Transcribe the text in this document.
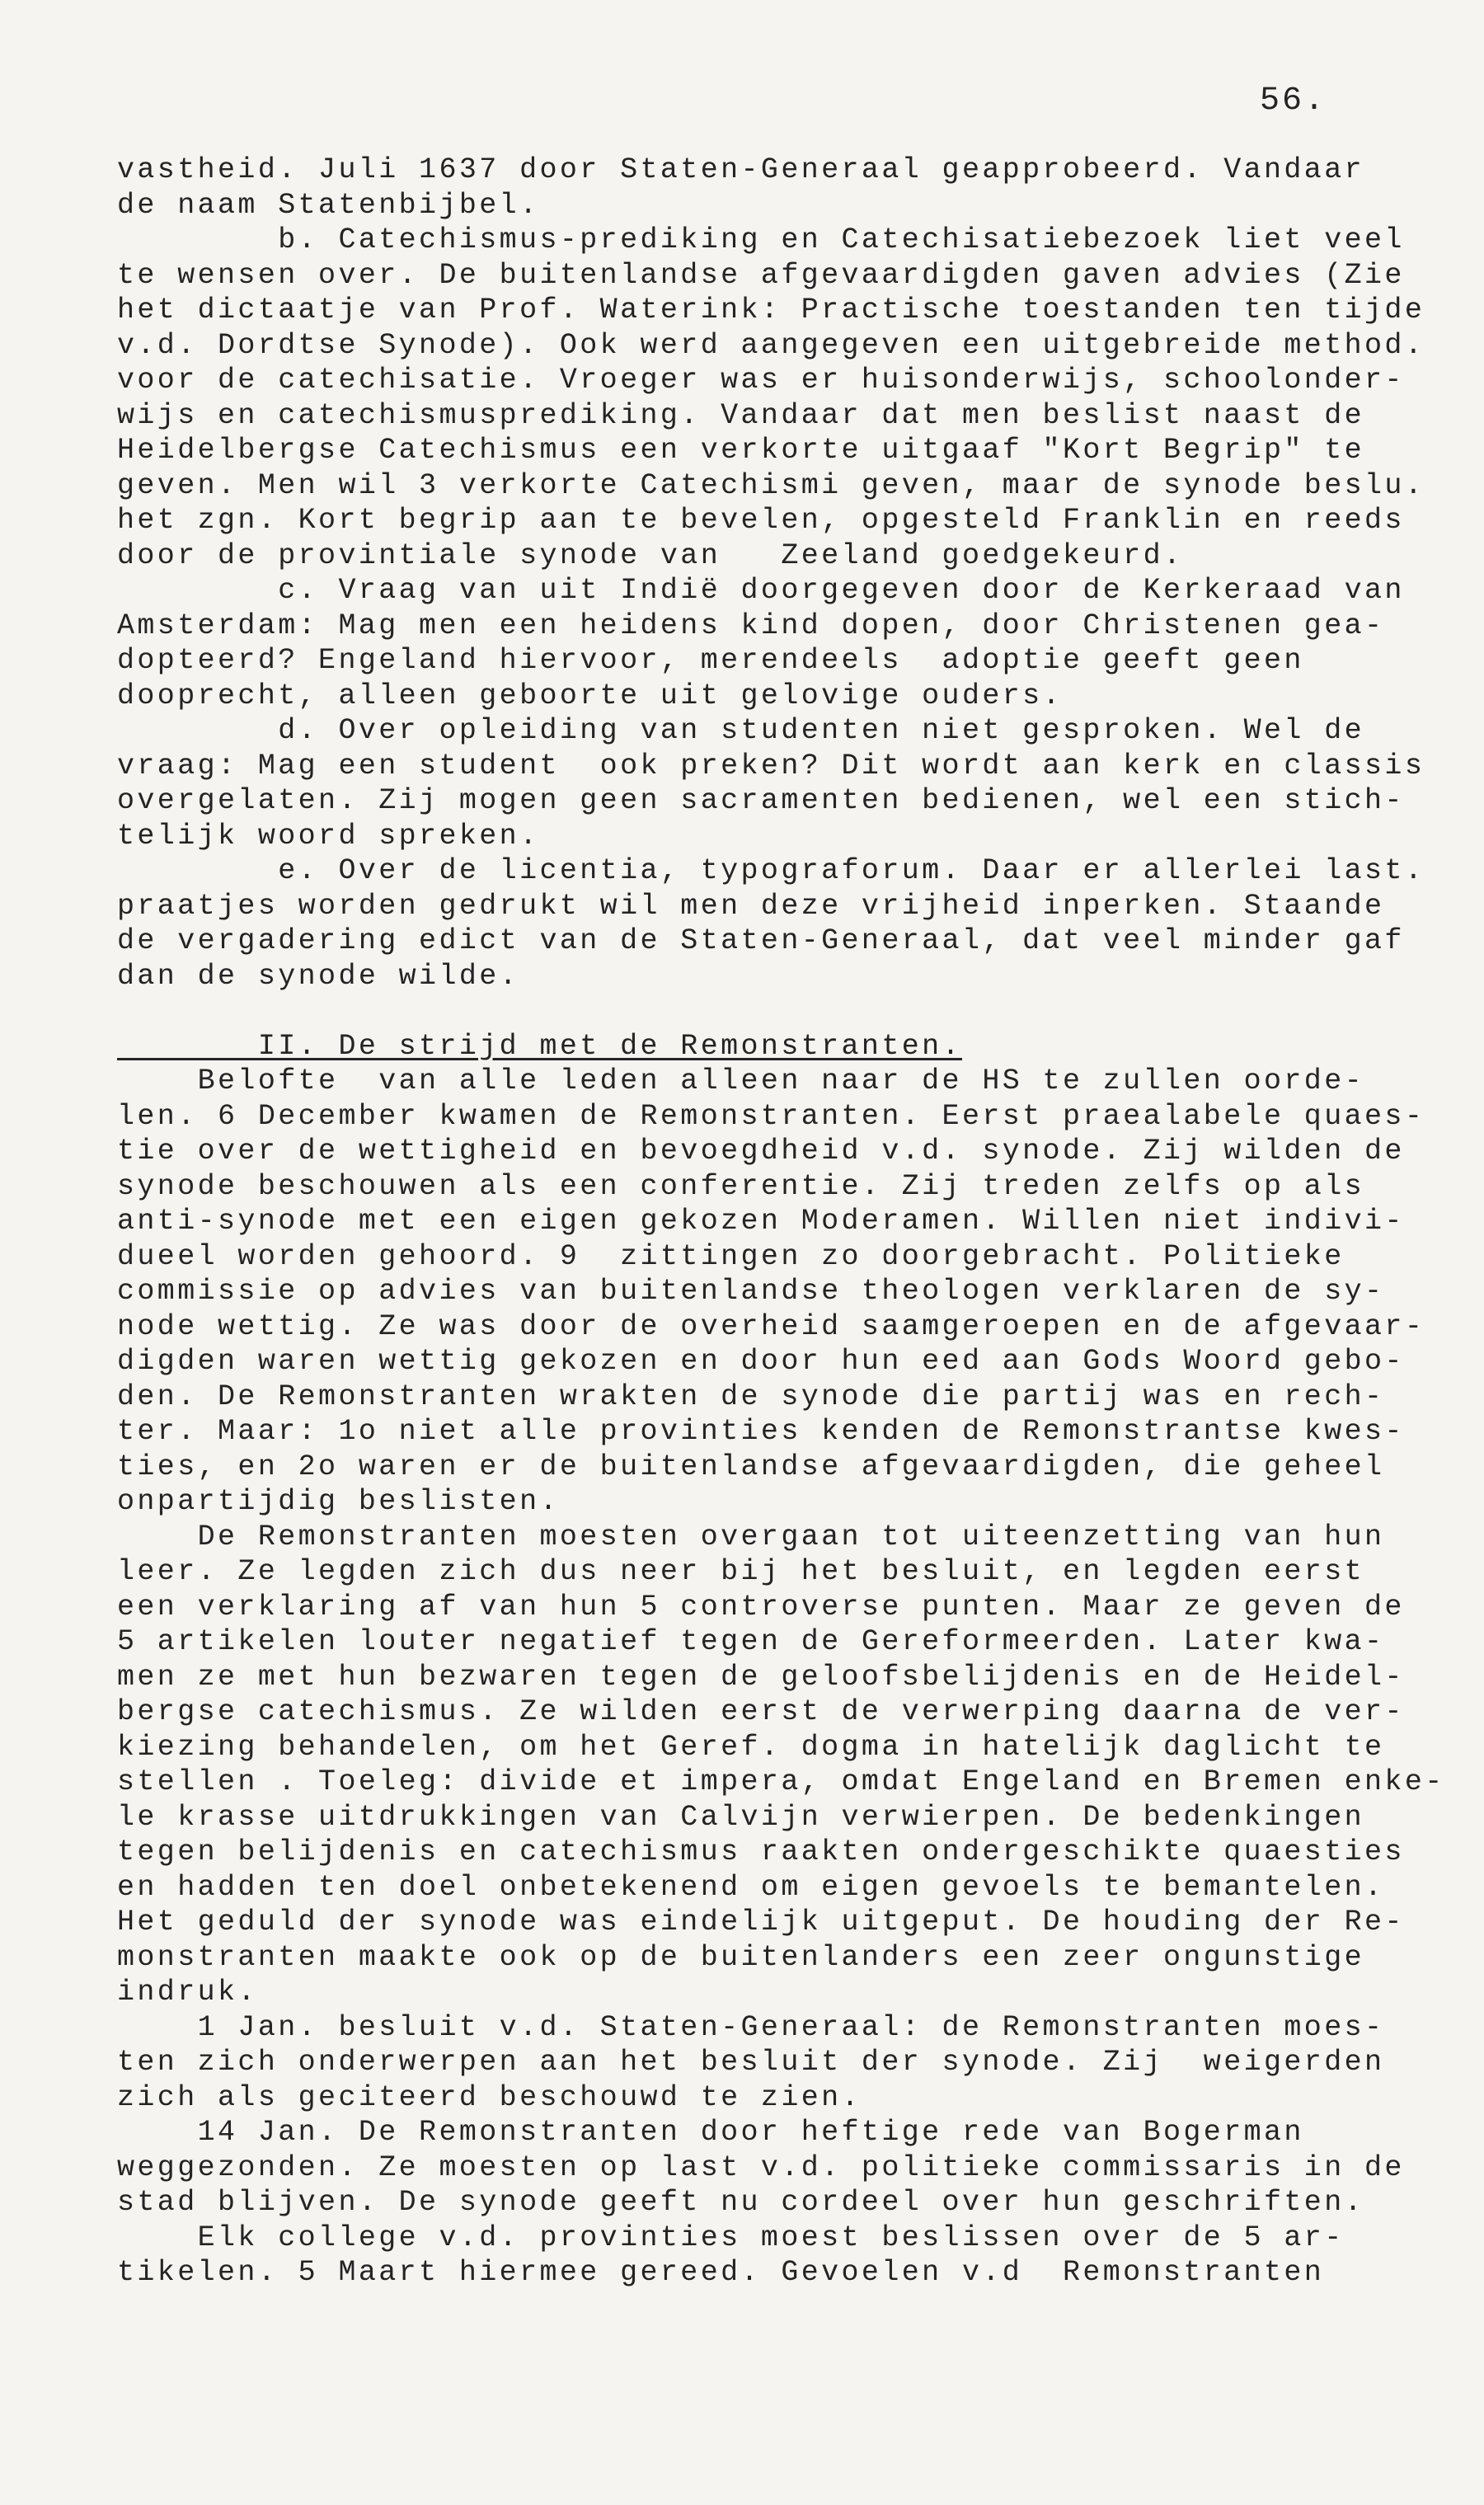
56.
vastheid. Juli 1637 door Staten-Generaal geapprobeerd. Vandaar
de naam Statenbijbel.
b. Catechismus-prediking en Catechisatiebezoek liet veel
te wensen over. De buitenlandse afgevaardigden gaven advies (Zie
het dictaatje van Prof. Waterink: Practische toestanden ten tijde
v.d. Dordtse Synode). Ook werd aangegeven een uitgebreide method.
voor de catechisatie. Vroeger was er huisonderwijs, schoolonder-
wijs en catechismusprediking. Vandaar dat men beslist naast de
Heidelbergse Catechismus een verkorte uitgaaf "Kort Begrip" te
geven. Men wil 3 verkorte Catechismi geven, maar de synode beslu.
het zgn. Kort begrip aan te bevelen, opgesteld Franklin en reeds
door de provintiale synode van   Zeeland goedgekeurd.
c. Vraag van uit Indië doorgegeven door de Kerkeraad van
Amsterdam: Mag men een heidens kind dopen, door Christenen gea-
dopteerd? Engeland hiervoor, merendeels  adoptie geeft geen
dooprecht, alleen geboorte uit gelovige ouders.
d. Over opleiding van studenten niet gesproken. Wel de
vraag: Mag een student  ook preken? Dit wordt aan kerk en classis
overgelaten. Zij mogen geen sacramenten bedienen, wel een stich-
telijk woord spreken.
e. Over de licentia, typograforum. Daar er allerlei last.
praatjes worden gedrukt wil men deze vrijheid inperken. Staande
de vergadering edict van de Staten-Generaal, dat veel minder gaf
dan de synode wilde.
II. De strijd met de Remonstranten.
Belofte  van alle leden alleen naar de HS te zullen oorde-
len. 6 December kwamen de Remonstranten. Eerst praealabele quaes-
tie over de wettigheid en bevoegdheid v.d. synode. Zij wilden de
synode beschouwen als een conferentie. Zij treden zelfs op als
anti-synode met een eigen gekozen Moderamen. Willen niet indivi-
dueel worden gehoord. 9  zittingen zo doorgebracht. Politieke
commissie op advies van buitenlandse theologen verklaren de sy-
node wettig. Ze was door de overheid saamgeroepen en de afgevaar-
digden waren wettig gekozen en door hun eed aan Gods Woord gebo-
den. De Remonstranten wrakten de synode die partij was en rech-
ter. Maar: 1o niet alle provinties kenden de Remonstrantse kwes-
ties, en 2o waren er de buitenlandse afgevaardigden, die geheel
onpartijdig beslisten.
De Remonstranten moesten overgaan tot uiteenzetting van hun
leer. Ze legden zich dus neer bij het besluit, en legden eerst
een verklaring af van hun 5 controverse punten. Maar ze geven de
5 artikelen louter negatief tegen de Gereformeerden. Later kwa-
men ze met hun bezwaren tegen de geloofsbelijdenis en de Heidel-
bergse catechismus. Ze wilden eerst de verwerping daarna de ver-
kiezing behandelen, om het Geref. dogma in hatelijk daglicht te
stellen . Toeleg: divide et impera, omdat Engeland en Bremen enke-
le krasse uitdrukkingen van Calvijn verwierpen. De bedenkingen
tegen belijdenis en catechismus raakten ondergeschikte quaesties
en hadden ten doel onbetekenend om eigen gevoels te bemantelen.
Het geduld der synode was eindelijk uitgeput. De houding der Re-
monstranten maakte ook op de buitenlanders een zeer ongunstige
indruk.
1 Jan. besluit v.d. Staten-Generaal: de Remonstranten moes-
ten zich onderwerpen aan het besluit der synode. Zij  weigerden
zich als geciteerd beschouwd te zien.
14 Jan. De Remonstranten door heftige rede van Bogerman
weggezonden. Ze moesten op last v.d. politieke commissaris in de
stad blijven. De synode geeft nu cordeel over hun geschriften.
Elk college v.d. provinties moest beslissen over de 5 ar-
tikelen. 5 Maart hiermee gereed. Gevoelen v.d  Remonstranten
